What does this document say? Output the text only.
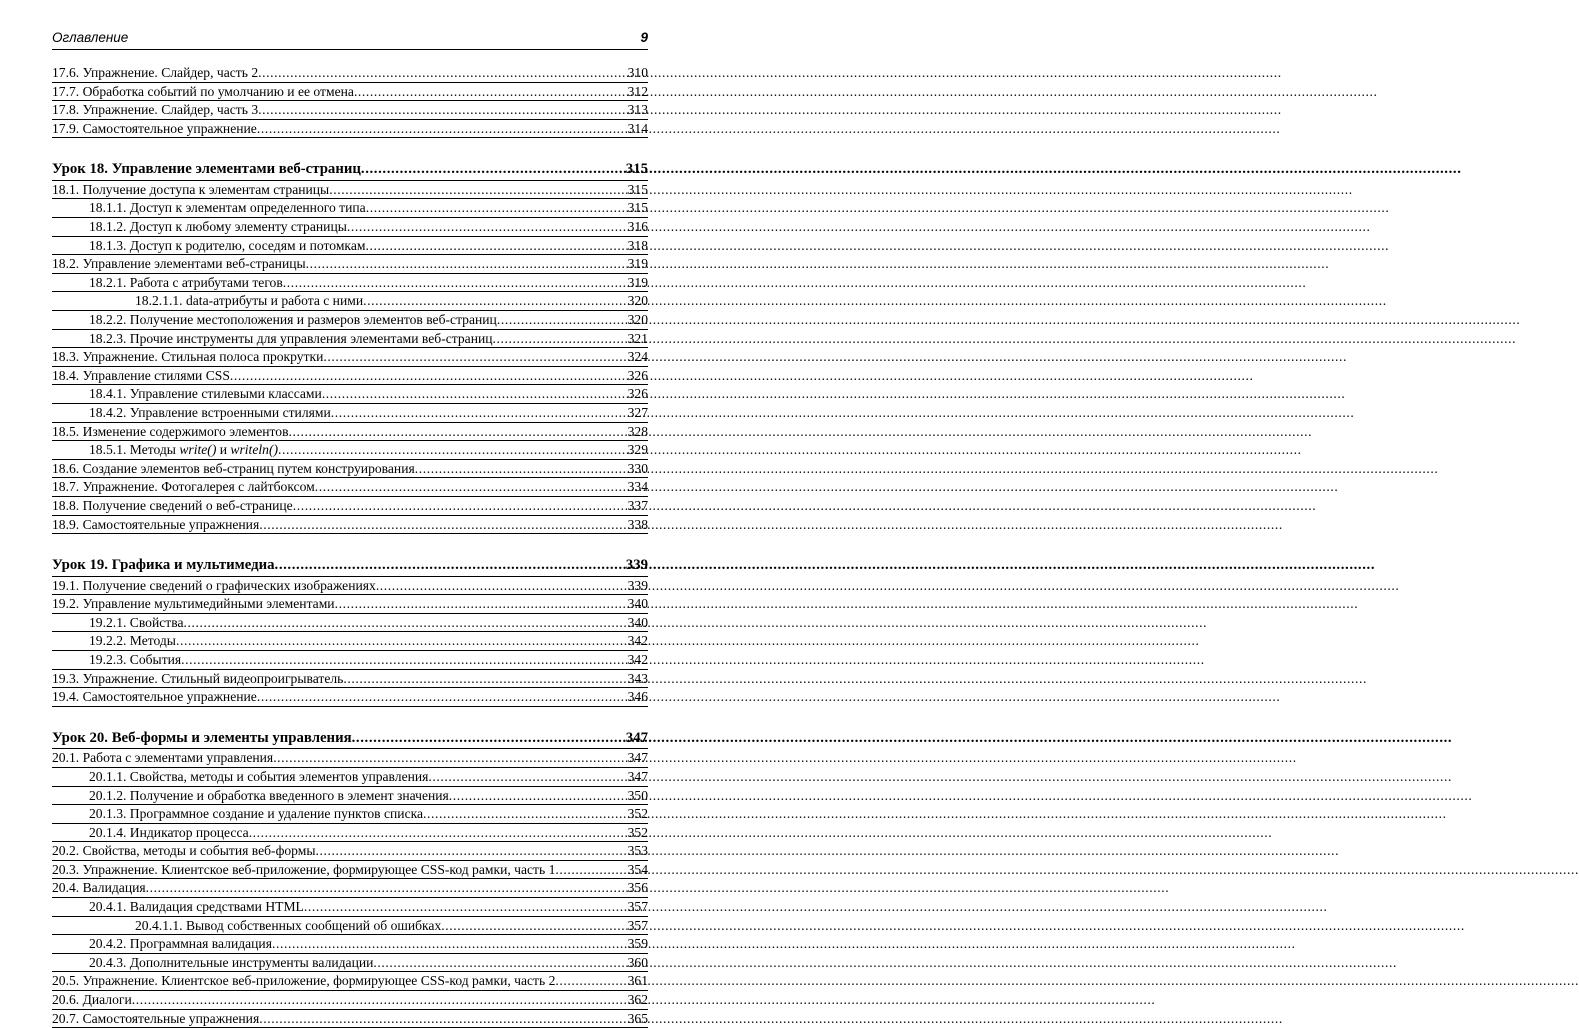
Оглавление	9
17.6. Упражнение. Слайдер, часть 2 .....	310
17.7. Обработка событий по умолчанию и ее отмена .....	312
17.8. Упражнение. Слайдер, часть 3 .....	313
17.9. Самостоятельное упражнение .....	314
Урок 18. Управление элементами веб-страниц .....	315
18.1. Получение доступа к элементам страницы .....	315
18.1.1. Доступ к элементам определенного типа .....	315
18.1.2. Доступ к любому элементу страницы .....	316
18.1.3. Доступ к родителю, соседям и потомкам .....	318
18.2. Управление элементами веб-страницы .....	319
18.2.1. Работа с атрибутами тегов .....	319
18.2.1.1. data-атрибуты и работа с ними .....	320
18.2.2. Получение местоположения и размеров элементов веб-страниц .....	320
18.2.3. Прочие инструменты для управления элементами веб-страниц .....	321
18.3. Упражнение. Стильная полоса прокрутки .....	324
18.4. Управление стилями CSS .....	326
18.4.1. Управление стилевыми классами .....	326
18.4.2. Управление встроенными стилями .....	327
18.5. Изменение содержимого элементов .....	328
18.5.1. Методы write() и writeln() .....	329
18.6. Создание элементов веб-страниц путем конструирования .....	330
18.7. Упражнение. Фотогалерея с лайтбоксом .....	334
18.8. Получение сведений о веб-странице .....	337
18.9. Самостоятельные упражнения .....	338
Урок 19. Графика и мультимедиа .....	339
19.1. Получение сведений о графических изображениях .....	339
19.2. Управление мультимедийными элементами .....	340
19.2.1. Свойства .....	340
19.2.2. Методы .....	342
19.2.3. События .....	342
19.3. Упражнение. Стильный видеопроигрыватель .....	343
19.4. Самостоятельное упражнение .....	346
Урок 20. Веб-формы и элементы управления .....	347
20.1. Работа с элементами управления .....	347
20.1.1. Свойства, методы и события элементов управления .....	347
20.1.2. Получение и обработка введенного в элемент значения .....	350
20.1.3. Программное создание и удаление пунктов списка .....	352
20.1.4. Индикатор процесса .....	352
20.2. Свойства, методы и события веб-формы .....	353
20.3. Упражнение. Клиентское веб-приложение, формирующее CSS-код рамки, часть 1 .....	354
20.4. Валидация .....	356
20.4.1. Валидация средствами HTML .....	357
20.4.1.1. Вывод собственных сообщений об ошибках .....	357
20.4.2. Программная валидация .....	359
20.4.3. Дополнительные инструменты валидации .....	360
20.5. Упражнение. Клиентское веб-приложение, формирующее CSS-код рамки, часть 2 .....	361
20.6. Диалоги .....	362
20.7. Самостоятельные упражнения .....	365
